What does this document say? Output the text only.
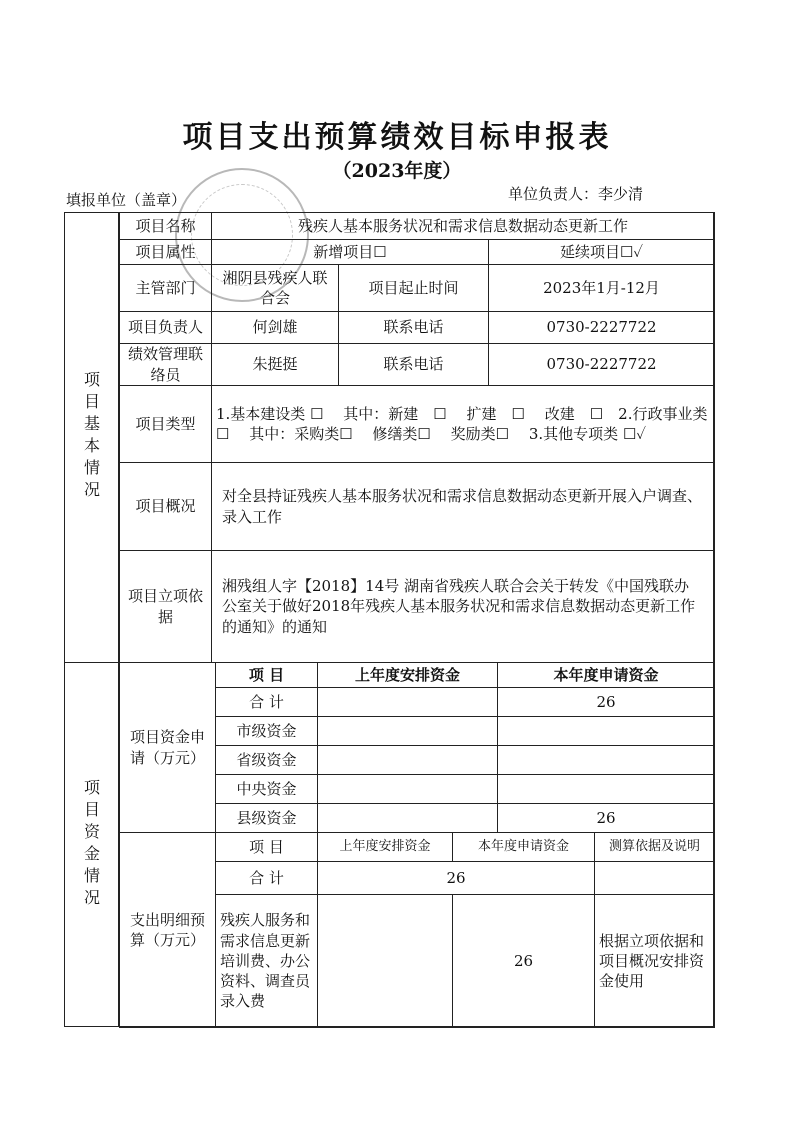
项目支出预算绩效目标申报表
（2023年度）
填报单位（盖章）	单位负责人：李少清
项目基本情况
项目资金情况
项目名称	残疾人基本服务状况和需求信息数据动态更新工作		
项目属性	新增项目☐		延续项目☐✓
主管部门	湘阴县残疾人联合会	项目起止时间	2023年1月-12月
项目负责人	何剑雄	联系电话	0730-2227722
绩效管理联络员	朱挺挺	联系电话	0730-2227722
项目类型	1.基本建设类 ☐　 其中：新建　☐　 扩建　☐　 改建　☐　2.行政事业类 ☐　 其中：采购类☐　 修缮类☐　 奖励类☐　 3.其他专项类 ☐✓		
项目概况	对全县持证残疾人基本服务状况和需求信息数据动态更新开展入户调查、录入工作		
项目立项依据	湘残组人字【2018】14号 湖南省残疾人联合会关于转发《中国残联办公室关于做好2018年残疾人基本服务状况和需求信息数据动态更新工作的通知》的通知		
项目资金申请（万元）	项 目	上年度安排资金	本年度申请资金
	合 计		26
	市级资金		
	省级资金		
	中央资金		
	县级资金		26
支出明细预算（万元）	项 目	上年度安排资金	本年度申请资金	测算依据及说明
	合 计	26		
	残疾人服务和需求信息更新培训费、办公资料、调查员录入费		26	根据立项依据和项目概况安排资金使用
